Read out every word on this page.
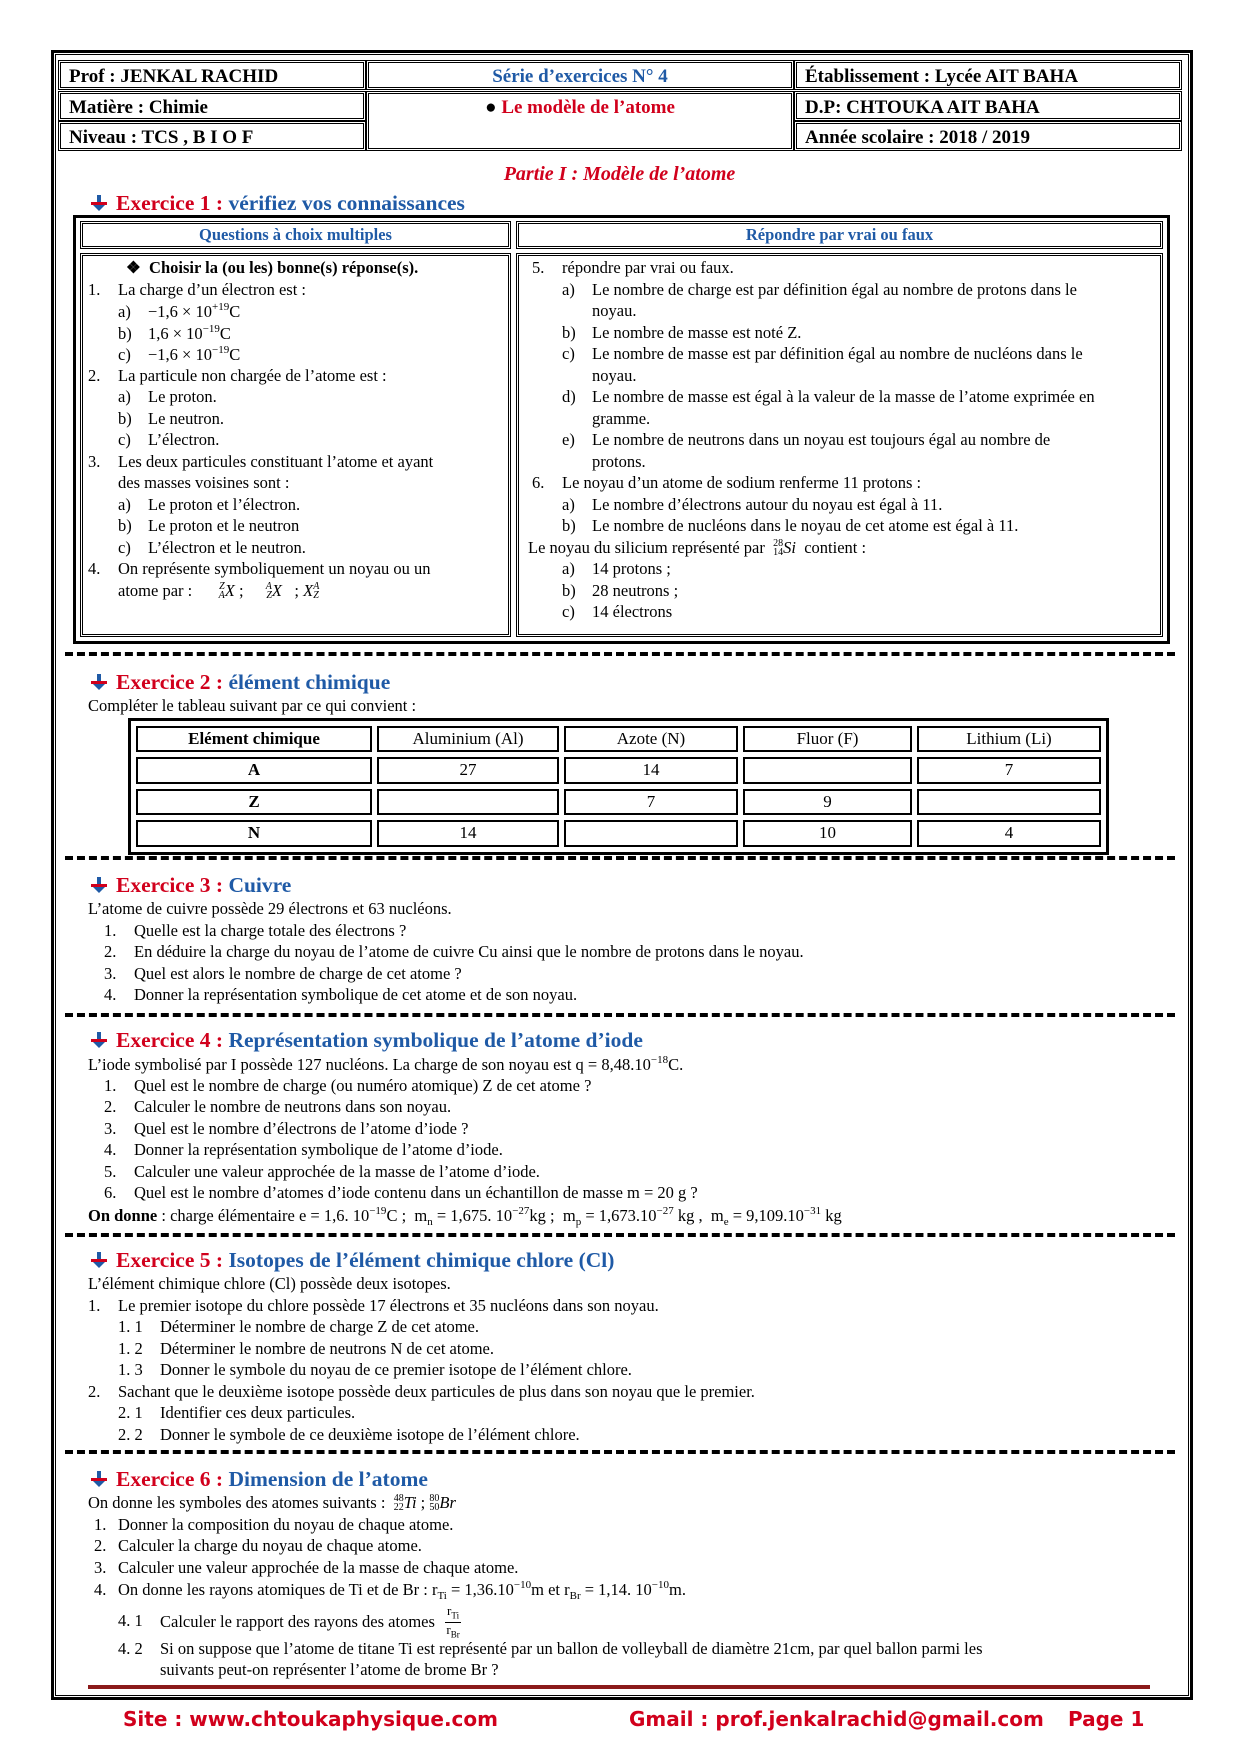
Prof : JENKAL RACHID
Matière : Chimie
Niveau : TCS , B I O F
Série d’exercices N° 4
● Le modèle de l’atome
Établissement : Lycée AIT BAHA
D.P: CHTOUKA AIT BAHA
Année scolaire : 2018 / 2019
Partie I : Modèle de l’atome
Exercice 1 : vérifiez vos connaissances
Questions à choix multiples	Répondre par vrai ou faux
❖  Choisir la (ou les) bonne(s) réponse(s).
1. La charge d’un électron est :
$a) -1,6 \times 10^{+19}C$
b) $1,6 \times 10^{-19}C$
$c) -1,6 \times 10^{-19}C$
2. La particule non chargée de l’atome est :
a) Le proton.
b) Le neutron.
c) L’électron.
3. Les deux particules constituant l’atome et ayant
des masses voisines sont :
a) Le proton et l’électron.
b) Le proton et le neutron
c) L’électron et le neutron.
4. On représente symboliquement un noyau ou un
atome par :	Z
AX ;   A
ZX   ; XA
Z
5. répondre par vrai ou faux.
a) Le nombre de charge est par définition égal au nombre de protons dans le
noyau.
b) Le nombre de masse est noté Z.
c) Le nombre de masse est par définition égal au nombre de nucléons dans le
noyau.
d) Le nombre de masse est égal à la valeur de la masse de l’atome exprimée en
gramme.
e) Le nombre de neutrons dans un noyau est toujours égal au nombre de
protons.
6. Le noyau d’un atome de sodium renferme 11 protons :
a) Le nombre d’électrons autour du noyau est égal à 11.
b) Le nombre de nucléons dans le noyau de cet atome est égal à 11.
Le noyau du silicium représenté par 28
14Si contient :
a) 14 protons ;
b) 28 neutrons ;
c) 14 électrons
Exercice 2 : élément chimique
Compléter le tableau suivant par ce qui convient :
Elément chimique	Aluminium (Al)	Azote (N)	Fluor (F)	Lithium (Li)
A	27	14		7
Z		7	9	
N	14		10	4
Exercice 3 : Cuivre
L’atome de cuivre possède 29 électrons et 63 nucléons.
1. Quelle est la charge totale des électrons ?
2. En déduire la charge du noyau de l’atome de cuivre Cu ainsi que le nombre de protons dans le noyau.
3. Quel est alors le nombre de charge de cet atome ?
4. Donner la représentation symbolique de cet atome et de son noyau.
Exercice 4 : Représentation symbolique de l’atome d’iode
L’iode symbolisé par I possède 127 nucléons. La charge de son noyau est $q = 8,48.10^{-18}C$.
1. Quel est le nombre de charge (ou numéro atomique) Z de cet atome ?
2. Calculer le nombre de neutrons dans son noyau.
3. Quel est le nombre d’électrons de l’atome d’iode ?
4. Donner la représentation symbolique de l’atome d’iode.
5. Calculer une valeur approchée de la masse de l’atome d’iode.
6. Quel est le nombre d’atomes d’iode contenu dans un échantillon de masse m = 20 g ?
On donne : charge élémentaire e = 1,6. $10^{-19}C$ ;  $m_n = 1,675$. $10^{-27}kg$ ;  $m_p = 1,673.10^{-27}$ kg ,  $m_e = 9,109.10^{-31}$ kg
Exercice 5 : Isotopes de l’élément chimique chlore (Cl)
L’élément chimique chlore (Cl) possède deux isotopes.
1. Le premier isotope du chlore possède 17 électrons et 35 nucléons dans son noyau.
1. 1 Déterminer le nombre de charge Z de cet atome.
1. 2 Déterminer le nombre de neutrons N de cet atome.
1. 3 Donner le symbole du noyau de ce premier isotope de l’élément chlore.
2. Sachant que le deuxième isotope possède deux particules de plus dans son noyau que le premier.
2. 1 Identifier ces deux particules.
2. 2 Donner le symbole de ce deuxième isotope de l’élément chlore.
Exercice 6 : Dimension de l’atome
On donne les symboles des atomes suivants : 48
22Ti ; 80
50Br
1. Donner la composition du noyau de chaque atome.
2. Calculer la charge du noyau de chaque atome.
3. Calculer une valeur approchée de la masse de chaque atome.
4. On donne les rayons atomiques de Ti et de Br : $r_{Ti} = 1,36.10^{-10}m$ et $r_{Br} = 1,14$. $10^{-10}m$.
4. 1 Calculer le rapport des rayons des atomes $\frac{r_{Ti}}{r_{Br}}$
4. 2 Si on suppose que l’atome de titane Ti est représenté par un ballon de volleyball de diamètre 21cm, par quel ballon parmi les
suivants peut-on représenter l’atome de brome Br ?
Site : www.chtoukaphysique.com	Gmail : prof.jenkalrachid@gmail.com Page 1
